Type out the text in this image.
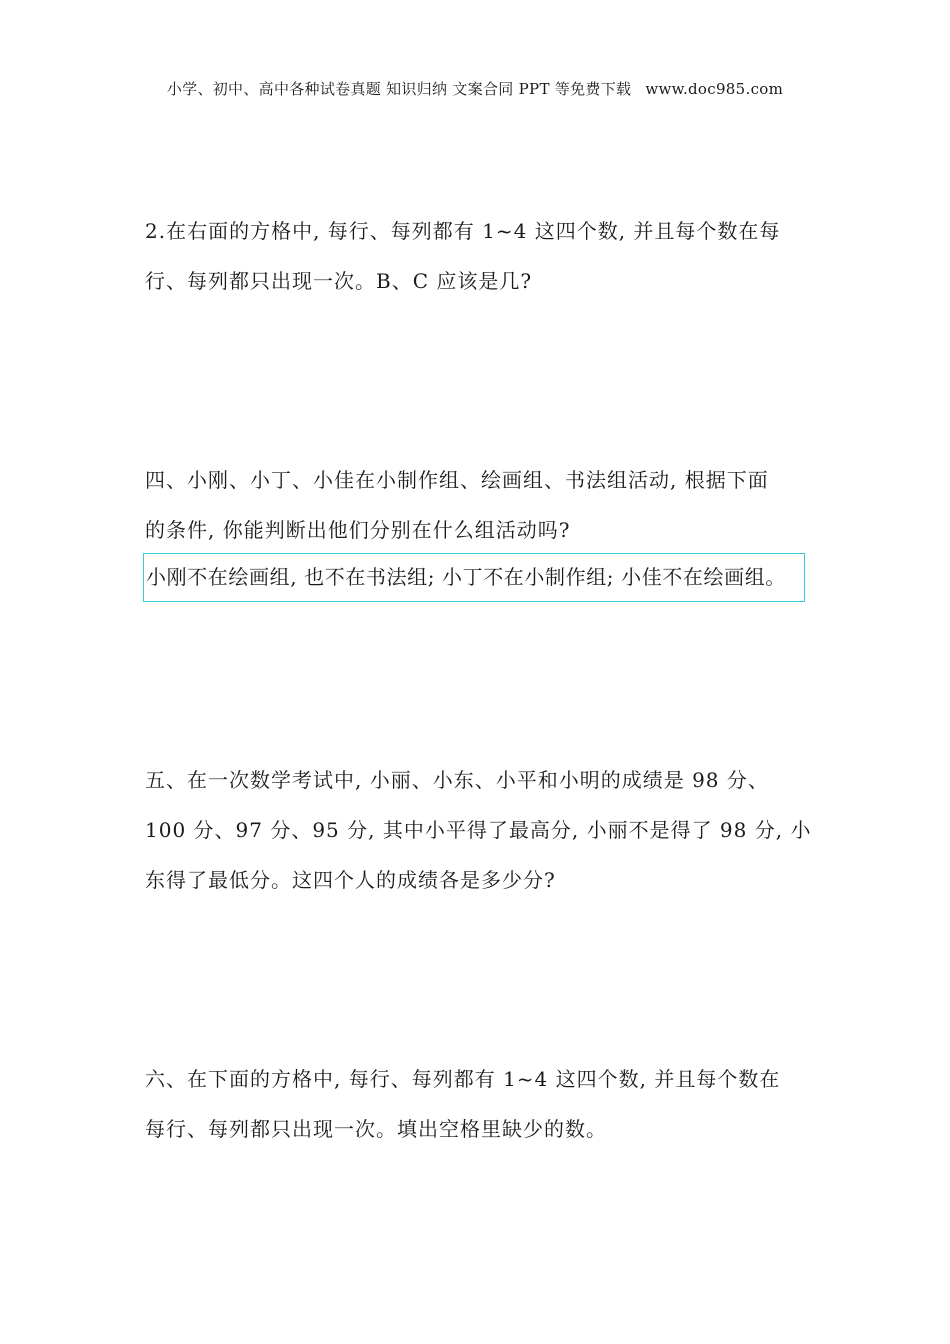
小学、初中、高中各种试卷真题 知识归纳 文案合同 PPT 等免费下载 www.doc985.com
2.在右面的方格中, 每行、每列都有 1~4 这四个数, 并且每个数在每
行、每列都只出现一次。B、C 应该是几?
四、小刚、小丁、小佳在小制作组、绘画组、书法组活动, 根据下面
的条件, 你能判断出他们分别在什么组活动吗?
小刚不在绘画组, 也不在书法组; 小丁不在小制作组; 小佳不在绘画组。
五、在一次数学考试中, 小丽、小东、小平和小明的成绩是 98 分、
100 分、97 分、95 分, 其中小平得了最高分, 小丽不是得了 98 分, 小
东得了最低分。这四个人的成绩各是多少分?
六、在下面的方格中, 每行、每列都有 1~4 这四个数, 并且每个数在
每行、每列都只出现一次。填出空格里缺少的数。
